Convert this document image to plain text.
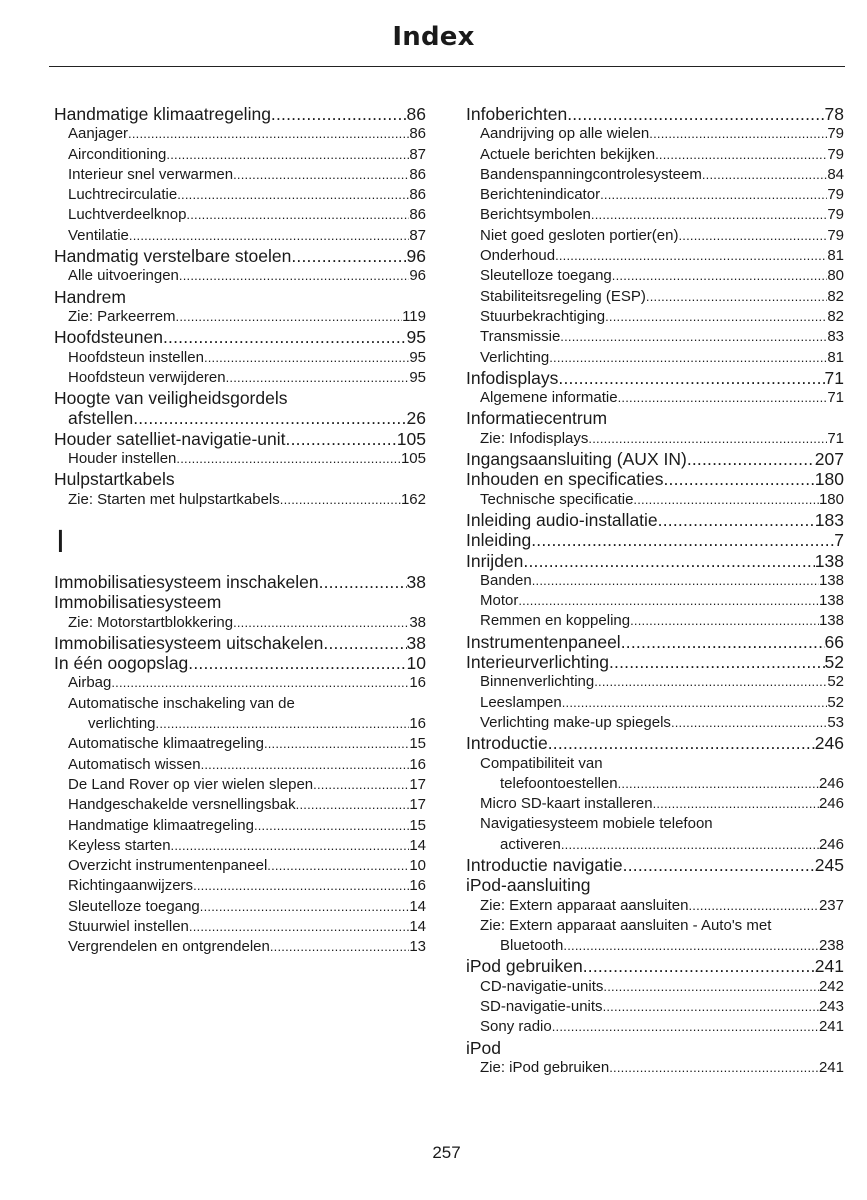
Index
Handmatige klimaatregeling .....	86
Aanjager .....	86
Airconditioning .....	87
Interieur snel verwarmen .....	86
Luchtrecirculatie .....	86
Luchtverdeelknop .....	86
Ventilatie .....	87
Handmatig verstelbare stoelen .....	96
Alle uitvoeringen .....	96
Handrem
Zie: Parkeerrem .....	119
Hoofdsteunen .....	95
Hoofdsteun instellen .....	95
Hoofdsteun verwijderen .....	95
Hoogte van veiligheidsgordels
afstellen .....	26
Houder satelliet-navigatie-unit .....	105
Houder instellen .....	105
Hulpstartkabels
Zie: Starten met hulpstartkabels .....	162
I
Immobilisatiesysteem inschakelen .....	38
Immobilisatiesysteem
Zie: Motorstartblokkering .....	38
Immobilisatiesysteem uitschakelen .....	38
In één oogopslag .....	10
Airbag .....	16
Automatische inschakeling van de
verlichting .....	16
Automatische klimaatregeling .....	15
Automatisch wissen .....	16
De Land Rover op vier wielen slepen .....	17
Handgeschakelde versnellingsbak .....	17
Handmatige klimaatregeling .....	15
Keyless starten .....	14
Overzicht instrumentenpaneel .....	10
Richtingaanwijzers .....	16
Sleutelloze toegang .....	14
Stuurwiel instellen .....	14
Vergrendelen en ontgrendelen .....	13
Infoberichten .....	78
Aandrijving op alle wielen .....	79
Actuele berichten bekijken .....	79
Bandenspanningcontrolesysteem .....	84
Berichtenindicator .....	79
Berichtsymbolen .....	79
Niet goed gesloten portier(en) .....	79
Onderhoud .....	81
Sleutelloze toegang .....	80
Stabiliteitsregeling (ESP) .....	82
Stuurbekrachtiging .....	82
Transmissie .....	83
Verlichting .....	81
Infodisplays .....	71
Algemene informatie .....	71
Informatiecentrum
Zie: Infodisplays .....	71
Ingangsaansluiting (AUX IN) .....	207
Inhouden en specificaties .....	180
Technische specificatie .....	180
Inleiding audio-installatie .....	183
Inleiding .....	7
Inrijden .....	138
Banden .....	138
Motor .....	138
Remmen en koppeling .....	138
Instrumentenpaneel .....	66
Interieurverlichting .....	52
Binnenverlichting .....	52
Leeslampen .....	52
Verlichting make-up spiegels .....	53
Introductie .....	246
Compatibiliteit van
telefoontoestellen .....	246
Micro SD-kaart installeren .....	246
Navigatiesysteem mobiele telefoon
activeren .....	246
Introductie navigatie .....	245
iPod-aansluiting
Zie: Extern apparaat aansluiten .....	237
Zie: Extern apparaat aansluiten - Auto's met
Bluetooth .....	238
iPod gebruiken .....	241
CD-navigatie-units .....	242
SD-navigatie-units .....	243
Sony radio .....	241
iPod
Zie: iPod gebruiken .....	241
257
